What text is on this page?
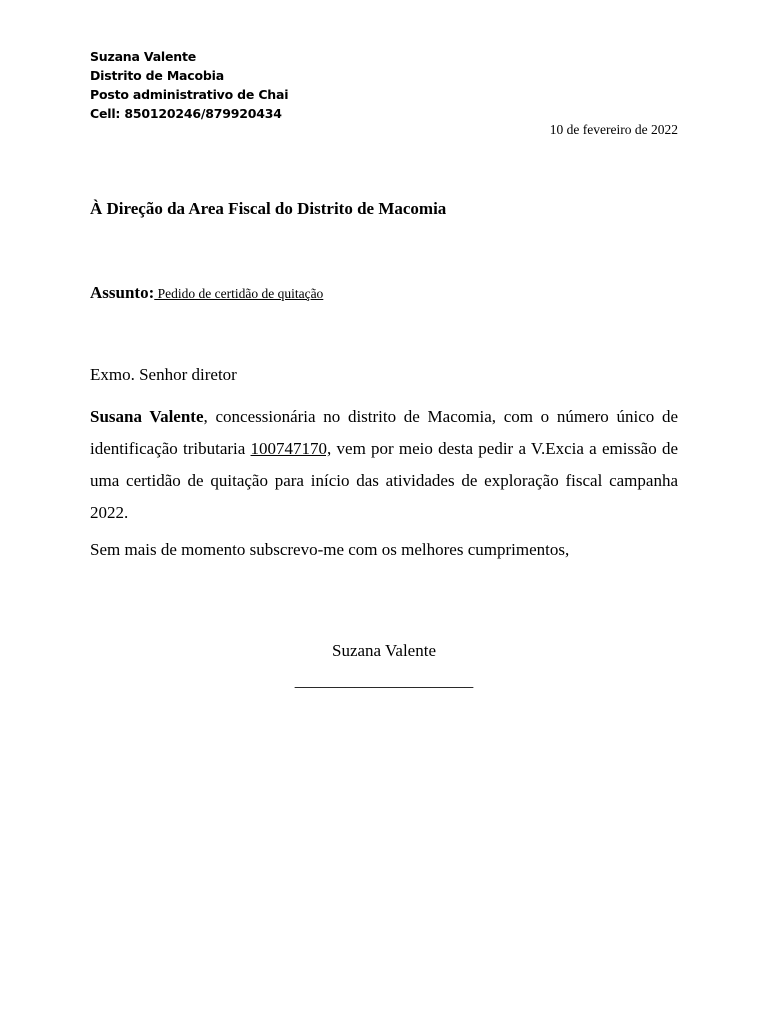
Suzana Valente
Distrito de Macobia
Posto administrativo de Chai
Cell: 850120246/879920434
10 de fevereiro de 2022
À Direção da Area Fiscal do Distrito de Macomia
Assunto: Pedido de certidão de quitação
Exmo. Senhor diretor
Susana Valente, concessionária no distrito de Macomia, com o número único de identificação tributaria 100747170, vem por meio desta pedir a V.Excia a emissão de uma certidão de quitação para início das atividades de exploração fiscal campanha 2022.
Sem mais de momento subscrevo-me com os melhores cumprimentos,
Suzana Valente
_____________________
